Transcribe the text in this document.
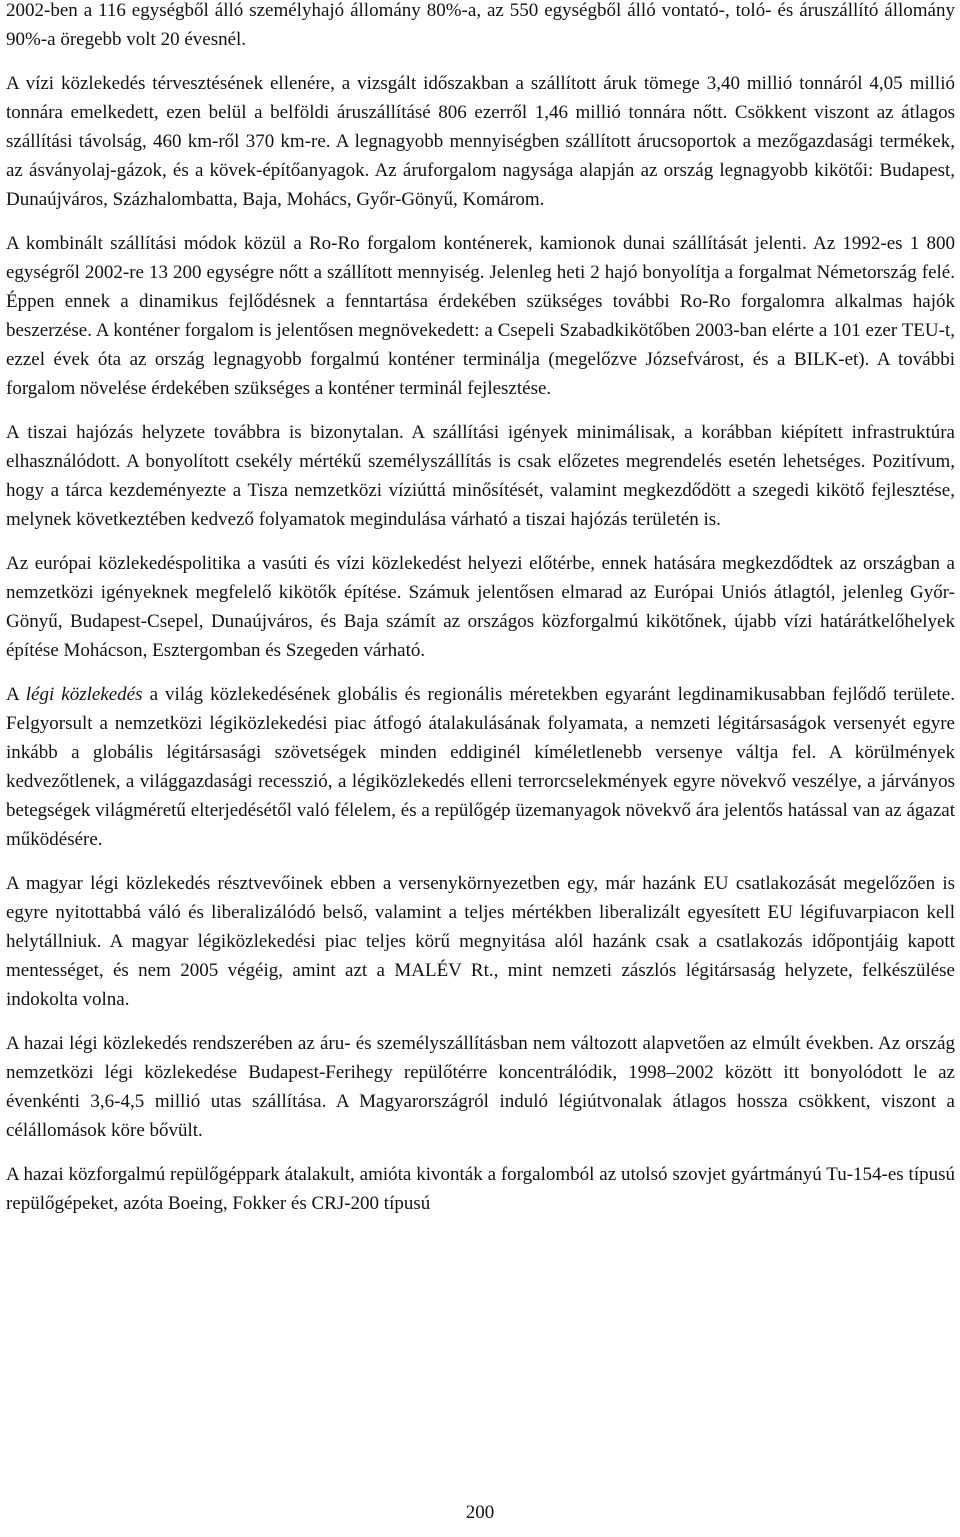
2002-ben a 116 egységből álló személyhajó állomány 80%-a, az 550 egységből álló vontató-, toló- és áruszállító állomány 90%-a öregebb volt 20 évesnél.

A vízi közlekedés térvesztésének ellenére, a vizsgált időszakban a szállított áruk tömege 3,40 millió tonnáról 4,05 millió tonnára emelkedett, ezen belül a belföldi áruszállításé 806 ezerről 1,46 millió tonnára nőtt. Csökkent viszont az átlagos szállítási távolság, 460 km-ről 370 km-re. A legnagyobb mennyiségben szállított árucsoportok a mezőgazdasági termékek, az ásványolaj-gázok, és a kövek-építőanyagok. Az áruforgalom nagysága alapján az ország legnagyobb kikötői: Budapest, Dunaújváros, Százhalombatta, Baja, Mohács, Győr-Gönyű, Komárom.

A kombinált szállítási módok közül a Ro-Ro forgalom konténerek, kamionok dunai szállítását jelenti. Az 1992-es 1 800 egységről 2002-re 13 200 egységre nőtt a szállított mennyiség. Jelenleg heti 2 hajó bonyolítja a forgalmat Németország felé. Éppen ennek a dinamikus fejlődésnek a fenntartása érdekében szükséges további Ro-Ro forgalomra alkalmas hajók beszerzése. A konténer forgalom is jelentősen megnövekedett: a Csepeli Szabadkikötőben 2003-ban elérte a 101 ezer TEU-t, ezzel évek óta az ország legnagyobb forgalmú konténer terminálja (megelőzve Józsefvárost, és a BILK-et). A további forgalom növelése érdekében szükséges a konténer terminál fejlesztése.

A tiszai hajózás helyzete továbbra is bizonytalan. A szállítási igények minimálisak, a korábban kiépített infrastruktúra elhasználódott. A bonyolított csekély mértékű személyszállítás is csak előzetes megrendelés esetén lehetséges. Pozitívum, hogy a tárca kezdeményezte a Tisza nemzetközi víziúttá minősítését, valamint megkezdődött a szegedi kikötő fejlesztése, melynek következtében kedvező folyamatok megindulása várható a tiszai hajózás területén is.

Az európai közlekedéspolitika a vasúti és vízi közlekedést helyezi előtérbe, ennek hatására megkezdődtek az országban a nemzetközi igényeknek megfelelő kikötők építése. Számuk jelentősen elmarad az Európai Uniós átlagtól, jelenleg Győr-Gönyű, Budapest-Csepel, Dunaújváros, és Baja számít az országos közforgalmú kikötőnek, újabb vízi határátkelőhelyek építése Mohácson, Esztergomban és Szegeden várható.

A légi közlekedés a világ közlekedésének globális és regionális méretekben egyaránt legdinamikusabban fejlődő területe. Felgyorsult a nemzetközi légiközlekedési piac átfogó átalakulásának folyamata, a nemzeti légitársaságok versenyét egyre inkább a globális légitársasági szövetségek minden eddiginél kíméletlenebb versenye váltja fel. A körülmények kedvezőtlenek, a világgazdasági recesszió, a légiközlekedés elleni terrorcselekmények egyre növekvő veszélye, a járványos betegségek világméretű elterjedésétől való félelem, és a repülőgép üzemanyagok növekvő ára jelentős hatással van az ágazat működésére.

A magyar légi közlekedés résztvevőinek ebben a versenykörnyezetben egy, már hazánk EU csatlakozását megelőzően is egyre nyitottabbá váló és liberalizálódó belső, valamint a teljes mértékben liberalizált egyesített EU légifuvarpiacon kell helytállniuk. A magyar légiközlekedési piac teljes körű megnyitása alól hazánk csak a csatlakozás időpontjáig kapott mentességet, és nem 2005 végéig, amint azt a MALÉV Rt., mint nemzeti zászlós légitársaság helyzete, felkészülése indokolta volna.

A hazai légi közlekedés rendszerében az áru- és személyszállításban nem változott alapvetően az elmúlt években. Az ország nemzetközi légi közlekedése Budapest-Ferihegy repülőtérre koncentrálódik, 1998–2002 között itt bonyolódott le az évenkénti 3,6-4,5 millió utas szállítása. A Magyarországról induló légiútvonalak átlagos hossza csökkent, viszont a célállomások köre bővült.

A hazai közforgalmú repülőgéppark átalakult, amióta kivonták a forgalomból az utolsó szovjet gyártmányú Tu-154-es típusú repülőgépeket, azóta Boeing, Fokker és CRJ-200 típusú

200
